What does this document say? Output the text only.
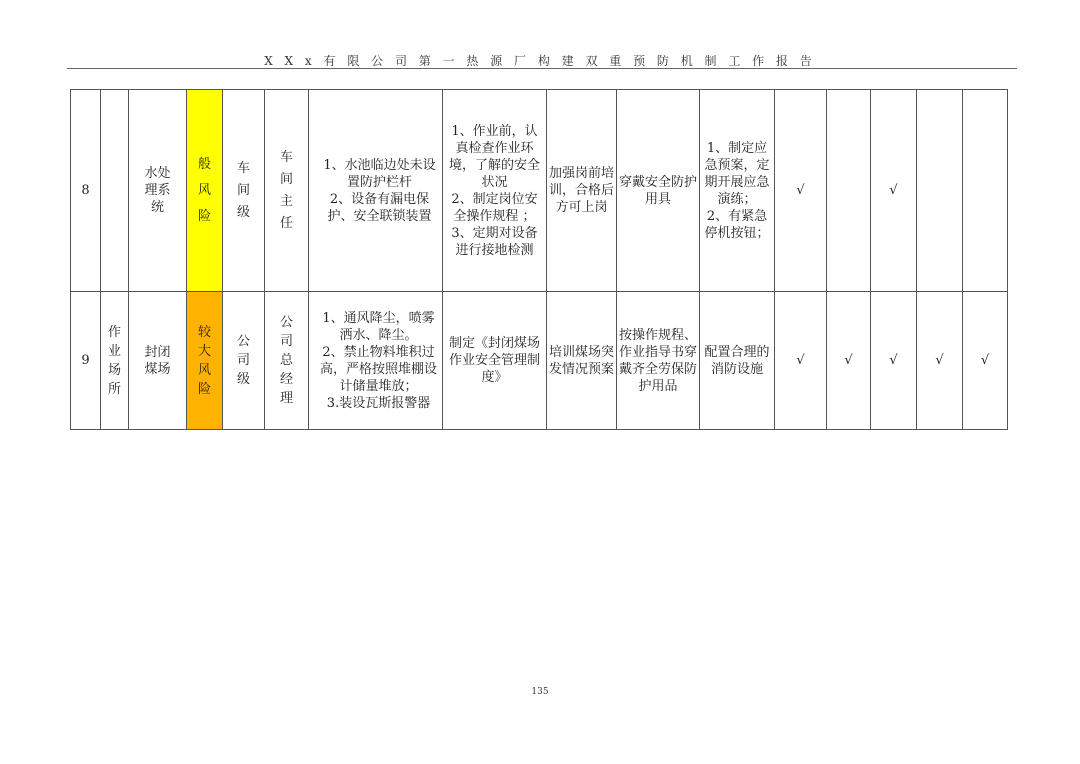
X X x 有 限 公 司 第 一 热 源 厂 构 建 双 重 预 防 机 制 工 作 报 告
8		水处理系统	般风险	车间级	车间主任	1、水池临边处未设置防护栏杆
2、设备有漏电保护、安全联锁装置	1、作业前，认真检查作业环境，了解的安全状况
2、制定岗位安全操作规程 ；
3、定期对设备进行接地检测	加强岗前培训，合格后方可上岗	穿戴安全防护用具	1、制定应急预案，定期开展应急演练；
2、有紧急停机按钮；	√		√		
9	作业场所	封闭煤场	较大风险	公司级	公司总经理	1、通风降尘，喷雾洒水、降尘。
2、禁止物料堆积过高，严格按照堆棚设计储量堆放；
3.装设瓦斯报警器	制定《封闭煤场作业安全管理制度》	培训煤场突发情况预案	按操作规程、作业指导书穿戴齐全劳保防护用品	配置合理的消防设施	√	√	√	√	√
135
